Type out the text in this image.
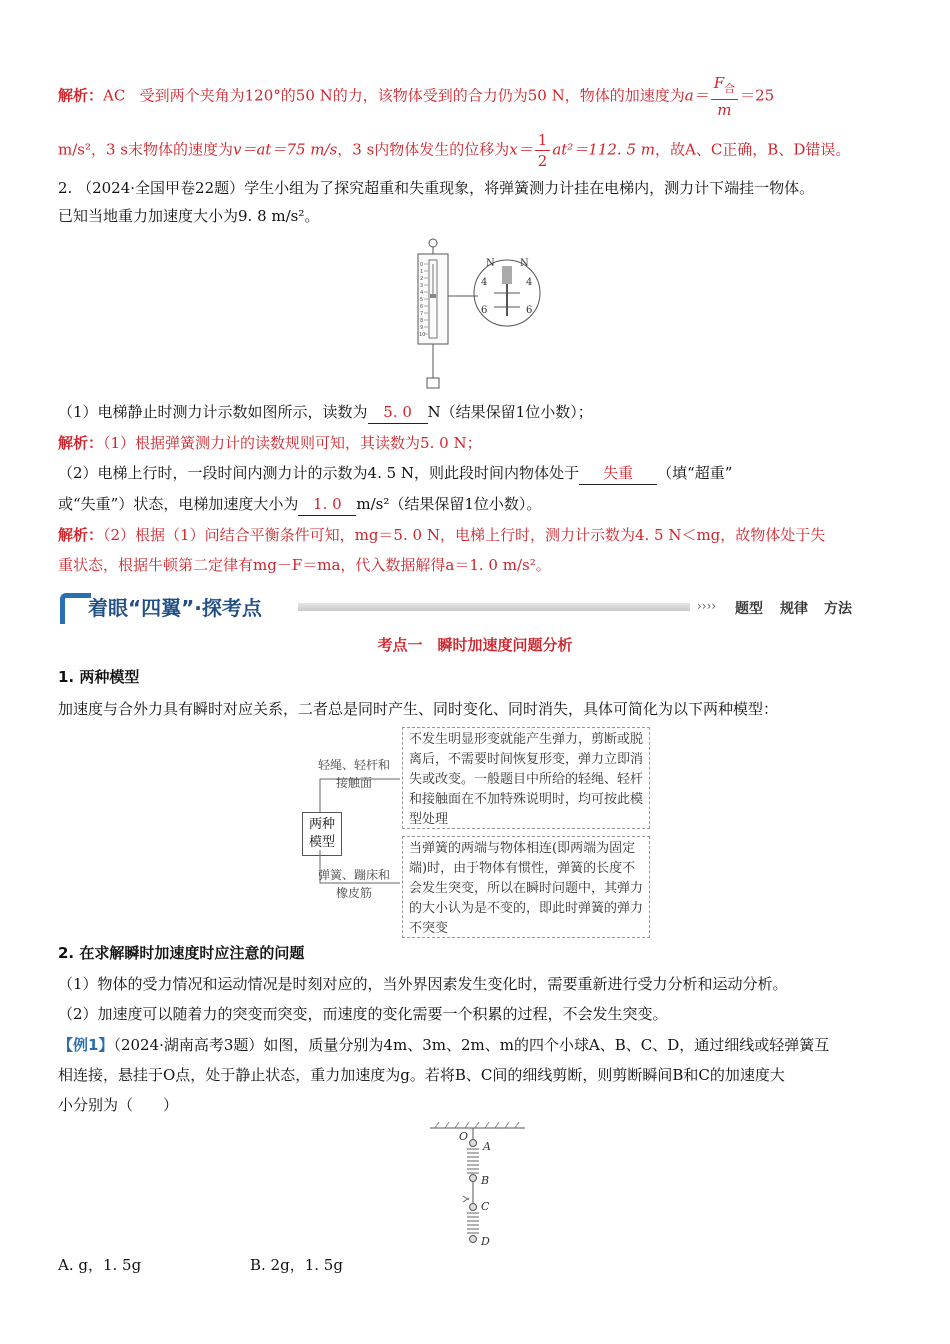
解析：AC 受到两个夹角为120°的50 N的力，该物体受到的合力仍为50 N，物体的加速度为$a= \frac{F_合}{m} =25$
m/s²，3 s末物体的速度为v＝at＝75 m/s，3 s内物体发生的位移为$x= \frac{1}{2} at^2=112$. 5 m，故A、C正确，B、D错误。
2. （2024·全国甲卷22题）学生小组为了探究超重和失重现象，将弹簧测力计挂在电梯内，测力计下端挂一物体。
已知当地重力加速度大小为9. 8 m/s²。
N	N
4	4
6	6
0
1
2
3
4
5
6
7
8
9
10
（1）电梯静止时测力计示数如图所示，读数为 5. 0 N（结果保留1位小数）；
解析：（1）根据弹簧测力计的读数规则可知，其读数为5. 0 N；
（2）电梯上行时，一段时间内测力计的示数为4. 5 N，则此段时间内物体处于 失重 （填“超重”
或“失重”）状态，电梯加速度大小为 1. 0 m/s²（结果保留1位小数）。
解析：（2）根据（1）问结合平衡条件可知，mg＝5. 0 N，电梯上行时，测力计示数为4. 5 N＜mg，故物体处于失
重状态，根据牛顿第二定律有mg－F＝ma，代入数据解得a＝1. 0 m/s²。
着眼“四翼”·探考点	›››› 题型 规律 方法
考点一　瞬时加速度问题分析
1. 两种模型
加速度与合外力具有瞬时对应关系，二者总是同时产生、同时变化、同时消失，具体可简化为以下两种模型：
两种模型
轻绳、轻杆和接触面
弹簧、蹦床和橡皮筋
不发生明显形变就能产生弹力，剪断或脱离后，不需要时间恢复形变，弹力立即消失或改变。一般题目中所给的轻绳、轻杆和接触面在不加特殊说明时，均可按此模型处理
当弹簧的两端与物体相连(即两端为固定端)时，由于物体有惯性，弹簧的长度不会发生突变，所以在瞬时问题中，其弹力的大小认为是不变的，即此时弹簧的弹力不突变
2. 在求解瞬时加速度时应注意的问题
（1）物体的受力情况和运动情况是时刻对应的，当外界因素发生变化时，需要重新进行受力分析和运动分析。
（2）加速度可以随着力的突变而突变，而速度的变化需要一个积累的过程，不会发生突变。
【例1】（2024·湖南高考3题）如图，质量分别为4m、3m、2m、m的四个小球A、B、C、D，通过细线或轻弹簧互
相连接，悬挂于O点，处于静止状态，重力加速度为g。若将B、C间的细线剪断，则剪断瞬间B和C的加速度大
小分别为（　　）
O
A
B
C
D
A. g，1. 5g	B. 2g，1. 5g
